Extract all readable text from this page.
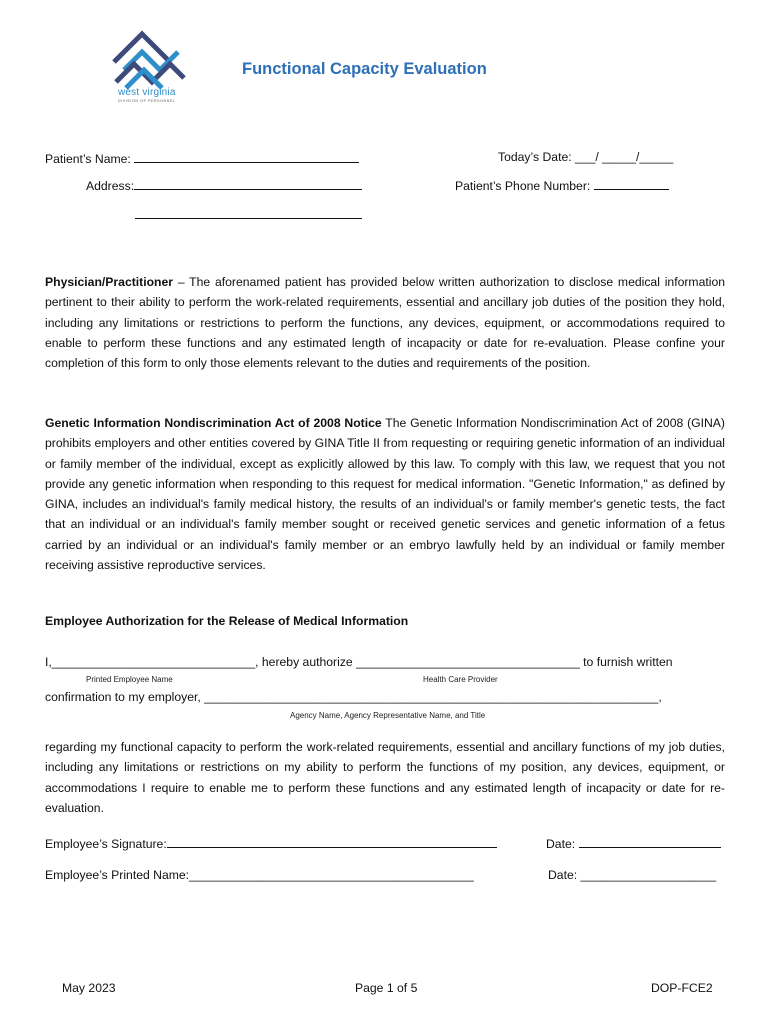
west virginia
DIVISION OF PERSONNEL
Functional Capacity Evaluation
Patient’s Name:
Address:
Today’s Date: ___/ _____/_____
Patient’s Phone Number:
Physician/Practitioner – The aforenamed patient has provided below written authorization to disclose medical information pertinent to their ability to perform the work-related requirements, essential and ancillary job duties of the position they hold, including any limitations or restrictions to perform the functions, any devices, equipment, or accommodations required to enable to perform these functions and any estimated length of incapacity or date for re-evaluation. Please confine your completion of this form to only those elements relevant to the duties and requirements of the position.
Genetic Information Nondiscrimination Act of 2008 Notice The Genetic Information Nondiscrimination Act of 2008 (GINA) prohibits employers and other entities covered by GINA Title II from requesting or requiring genetic information of an individual or family member of the individual, except as explicitly allowed by this law. To comply with this law, we request that you not provide any genetic information when responding to this request for medical information. "Genetic Information," as defined by GINA, includes an individual's family medical history, the results of an individual's or family member's genetic tests, the fact that an individual or an individual's family member sought or received genetic services and genetic information of a fetus carried by an individual or an individual's family member or an embryo lawfully held by an individual or family member receiving assistive reproductive services.
Employee Authorization for the Release of Medical Information
I,______________________________, hereby authorize _________________________________ to furnish written
Printed Employee Name	Health Care Provider
confirmation to my employer, ___________________________________________________________________,
Agency Name, Agency Representative Name, and Title
regarding my functional capacity to perform the work-related requirements, essential and ancillary functions of my job duties, including any limitations or restrictions on my ability to perform the functions of my position, any devices, equipment, or accommodations I require to enable me to perform these functions and any estimated length of incapacity or date for re-evaluation.
Employee’s Signature:	Date:
Employee’s Printed Name:__________________________________________	Date: ____________________
May 2023	Page 1 of 5	DOP-FCE2
